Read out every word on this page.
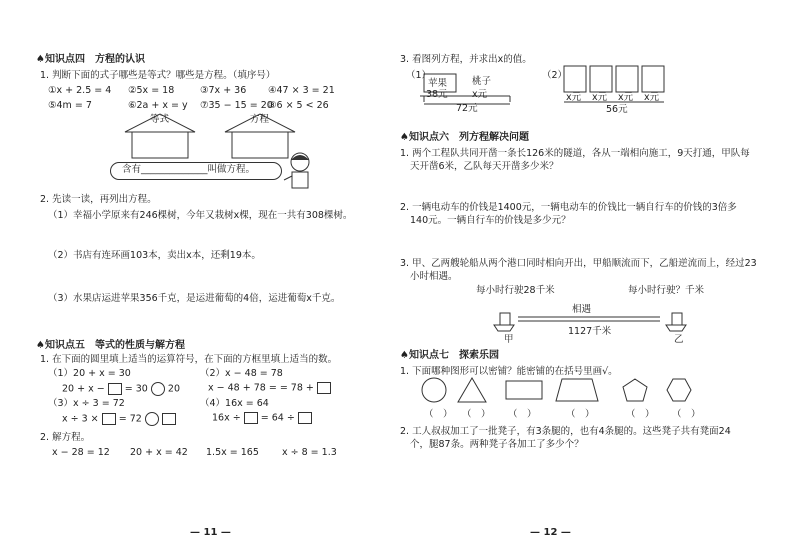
♠知识点四　方程的认识
1. 判断下面的式子哪些是等式？哪些是方程。（填序号）
①x + 2.5 = 4 ②5x = 18	③7x + 36 ④47 × 3 = 21
⑤4m = 7	⑥2a + x = y ⑦35 − 15 = 20
⑧6 × 5 < 26
等式	方程
含有______________叫做方程。
2. 先读一读，再列出方程。
（1）幸福小学原来有246棵树，今年又栽树x棵，现在一共有308棵树。
（2）书店有连环画103本，卖出x本，还剩19本。
（3）水果店运进苹果356千克，是运进葡萄的4倍，运进葡萄x千克。
♠知识点五　等式的性质与解方程
1. 在下面的圆里填上适当的运算符号，在下面的方框里填上适当的数。
（1）20 + x = 30	（2）x − 48 = 78
20 + x − = 30 20	x − 48 + 78 = = 78 +
（3）x ÷ 3 = 72	（4）16x = 64
x ÷ 3 × = 72	16x ÷ = 64 ÷
2. 解方程。
x − 28 = 12 20 + x = 42 1.5x = 165 x ÷ 8 = 1.3
— 11 —
3. 看图列方程，并求出x的值。
（1）	（2）
苹果	桃子
38元	x元
72元
x元 x元 x元 x元
56元
♠知识点六　列方程解决问题
1. 两个工程队共同开凿一条长126米的隧道，各从一端相向施工，9天打通，甲队每
天开凿6米，乙队每天开凿多少米？
2. 一辆电动车的价钱是1400元，一辆电动车的价钱比一辆自行车的价钱的3倍多
140元。一辆自行车的价钱是多少元？
3. 甲、乙两艘轮船从两个港口同时相向开出，甲船顺流而下，乙船逆流而上，经过23
小时相遇。
每小时行驶28千米	每小时行驶？千米
相遇
1127千米
甲	乙
♠知识点七　探索乐园
1. 下面哪种图形可以密铺？能密铺的在括号里画√。
（　） （　） （　）	（　）	（　） （　）
2. 工人叔叔加工了一批凳子，有3条腿的，也有4条腿的。这些凳子共有凳面24
个，腿87条。两种凳子各加工了多少个？
— 12 —
